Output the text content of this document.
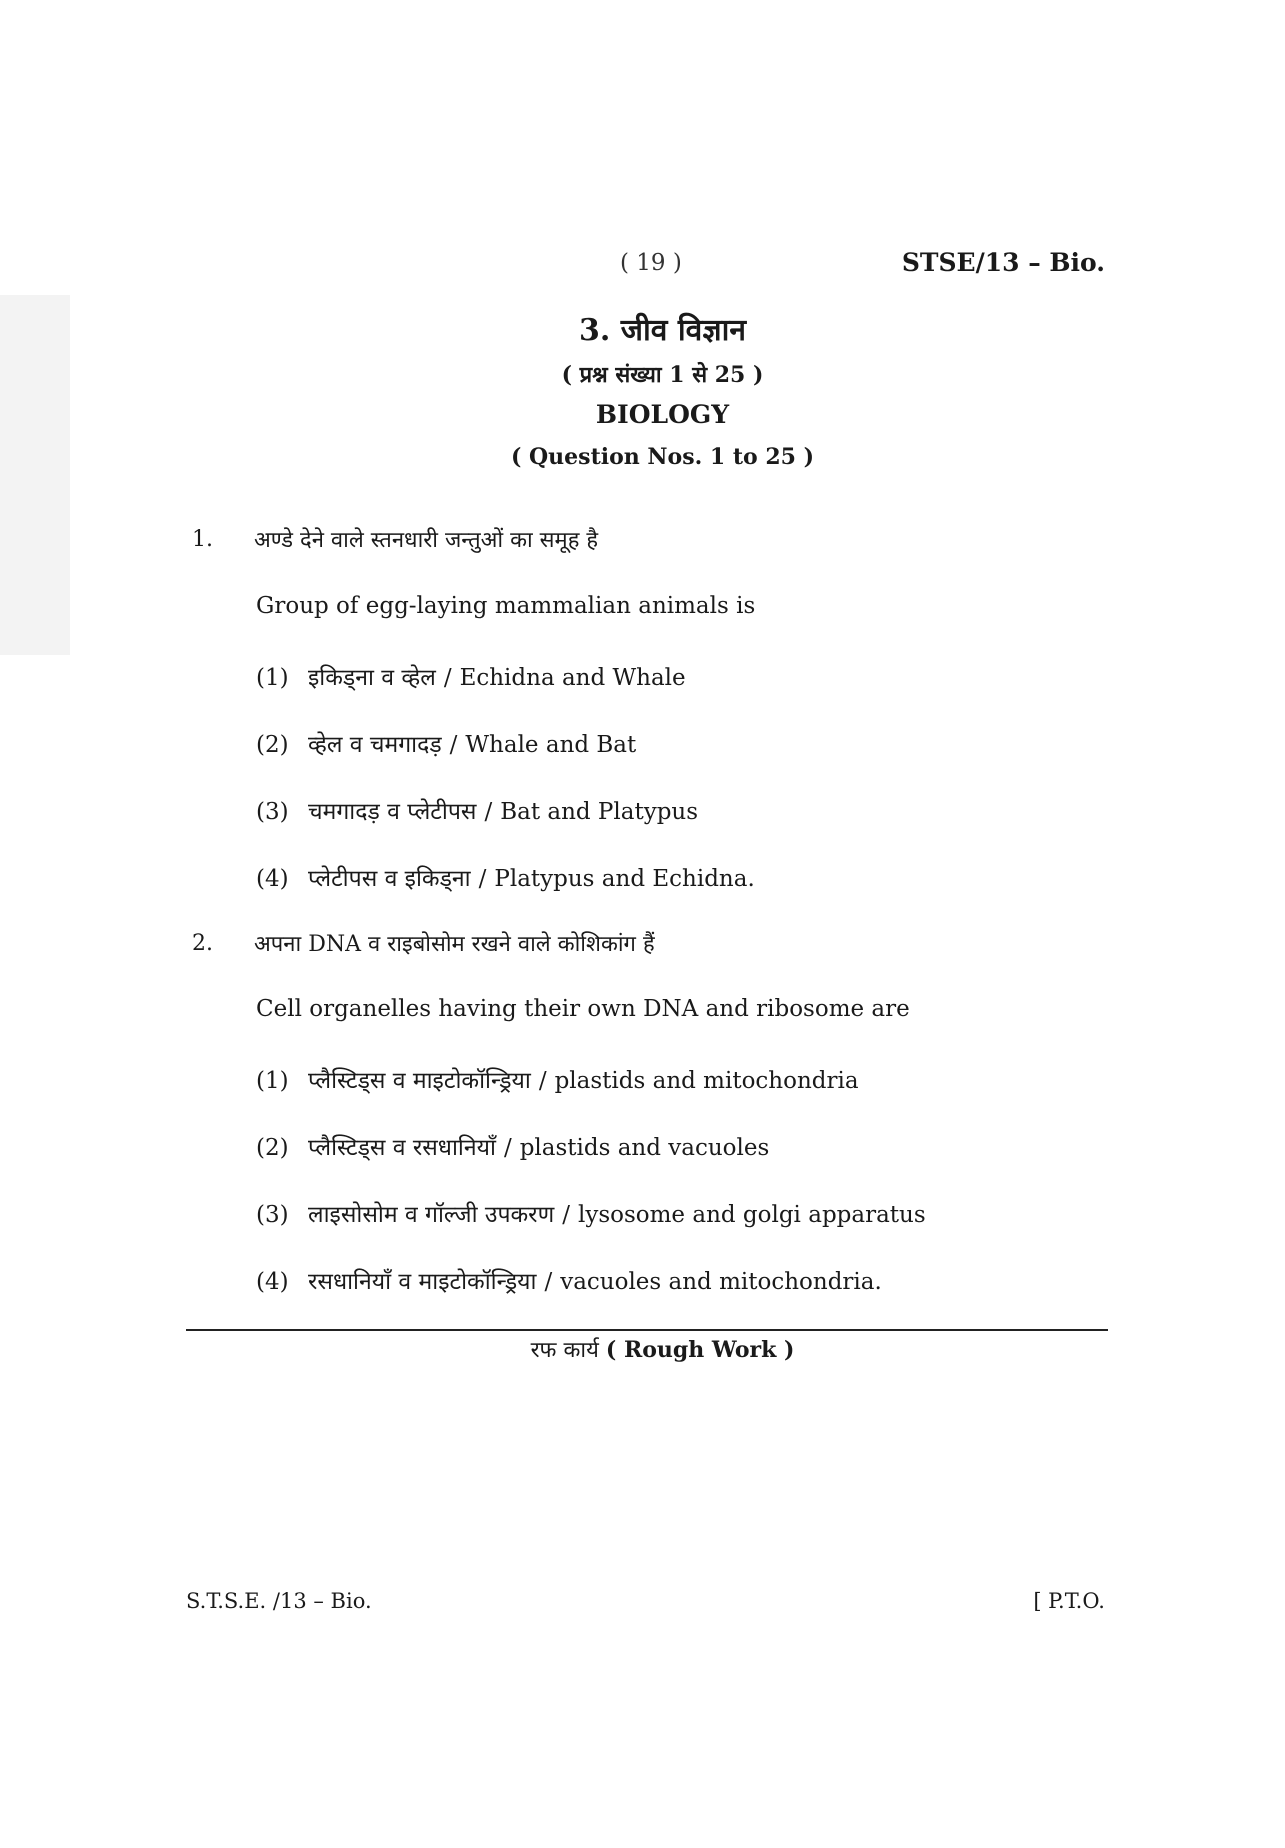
( 19 )	STSE/13 – Bio.
3. जीव विज्ञान
( प्रश्न संख्या 1 से 25 )
BIOLOGY
( Question Nos. 1 to 25 )
1. अण्डे देने वाले स्तनधारी जन्तुओं का समूह है
Group of egg-laying mammalian animals is
(1) इकिड्ना व व्हेल / Echidna and Whale
(2) व्हेल व चमगादड़ / Whale and Bat
(3) चमगादड़ व प्लेटीपस / Bat and Platypus
(4) प्लेटीपस व इकिड्ना / Platypus and Echidna.
2. अपना DNA व राइबोसोम रखने वाले कोशिकांग हैं
Cell organelles having their own DNA and ribosome are
(1) प्लैस्टिड्स व माइटोकॉन्ड्रिया / plastids and mitochondria
(2) प्लैस्टिड्स व रसधानियाँ / plastids and vacuoles
(3) लाइसोसोम व गॉल्जी उपकरण / lysosome and golgi apparatus
(4) रसधानियाँ व माइटोकॉन्ड्रिया / vacuoles and mitochondria.
रफ कार्य ( Rough Work )
S.T.S.E. /13 – Bio.	[ P.T.O.
